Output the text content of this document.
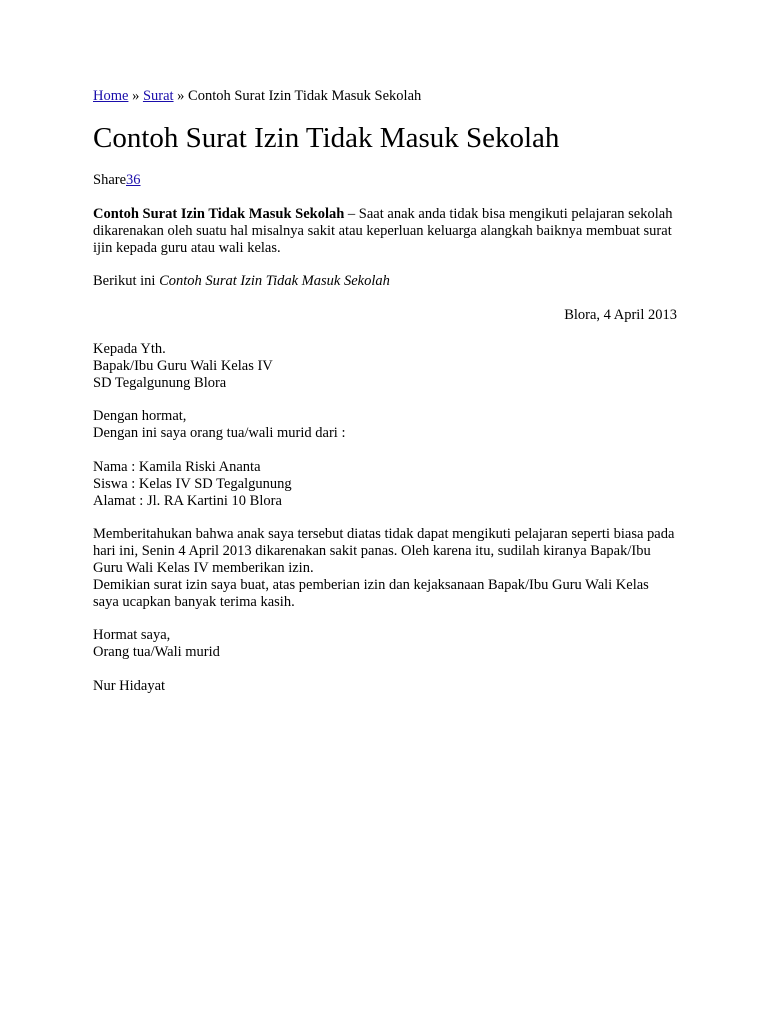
Home » Surat » Contoh Surat Izin Tidak Masuk Sekolah
Contoh Surat Izin Tidak Masuk Sekolah
Share36

Contoh Surat Izin Tidak Masuk Sekolah – Saat anak anda tidak bisa mengikuti pelajaran sekolah dikarenakan oleh suatu hal misalnya sakit atau keperluan keluarga alangkah baiknya membuat surat ijin kepada guru atau wali kelas.

Berikut ini Contoh Surat Izin Tidak Masuk Sekolah

Blora, 4 April 2013

Kepada Yth.
Bapak/Ibu Guru Wali Kelas IV
SD Tegalgunung Blora

Dengan hormat,
Dengan ini saya orang tua/wali murid dari :

Nama : Kamila Riski Ananta
Siswa : Kelas IV SD Tegalgunung
Alamat : Jl. RA Kartini 10 Blora

Memberitahukan bahwa anak saya tersebut diatas tidak dapat mengikuti pelajaran seperti biasa pada hari ini, Senin 4 April 2013 dikarenakan sakit panas. Oleh karena itu, sudilah kiranya Bapak/Ibu Guru Wali Kelas IV memberikan izin.
Demikian surat izin saya buat, atas pemberian izin dan kejaksanaan Bapak/Ibu Guru Wali Kelas saya ucapkan banyak terima kasih.

Hormat saya,
Orang tua/Wali murid

Nur Hidayat
